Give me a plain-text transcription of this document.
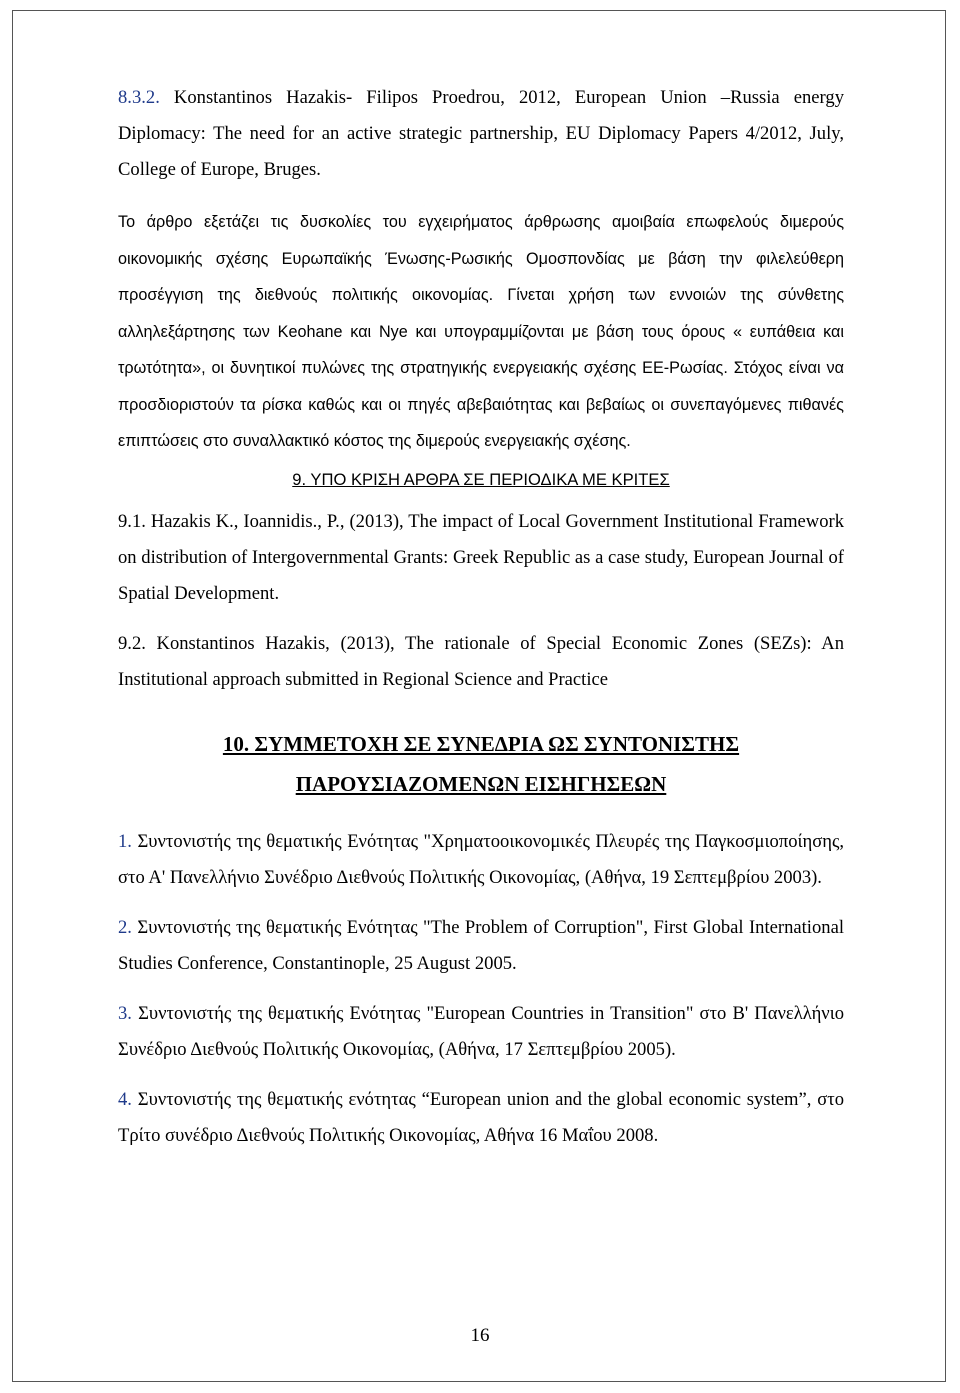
8.3.2. Konstantinos Hazakis- Filipos Proedrou, 2012, European Union –Russia energy Diplomacy: The need for an active strategic partnership, EU Diplomacy Papers 4/2012, July, College of Europe, Bruges.

Το άρθρο εξετάζει τις δυσκολίες του εγχειρήματος άρθρωσης αμοιβαία επωφελούς διμερούς οικονομικής σχέσης Ευρωπαϊκής Ένωσης-Ρωσικής Ομοσπονδίας με βάση την φιλελεύθερη προσέγγιση της διεθνούς πολιτικής οικονομίας. Γίνεται χρήση των εννοιών της σύνθετης αλληλεξάρτησης των Keohane και Nye και υπογραμμίζονται με βάση τους όρους « ευπάθεια και τρωτότητα», οι δυνητικοί πυλώνες της στρατηγικής ενεργειακής σχέσης ΕΕ-Ρωσίας. Στόχος είναι να προσδιοριστούν τα ρίσκα καθώς και οι πηγές αβεβαιότητας και βεβαίως οι συνεπαγόμενες πιθανές επιπτώσεις στο συναλλακτικό κόστος της διμερούς ενεργειακής σχέσης.

9. ΥΠΟ ΚΡΙΣΗ ΑΡΘΡΑ ΣΕ ΠΕΡΙΟΔΙΚΑ ΜΕ ΚΡΙΤΕΣ

9.1. Hazakis K., Ioannidis., P., (2013), The impact of Local Government Institutional Framework on distribution of Intergovernmental Grants: Greek Republic as a case study, European Journal of Spatial Development.

9.2. Konstantinos Hazakis, (2013), The rationale of Special Economic Zones (SEZs): An Institutional approach submitted in Regional Science and Practice

10. ΣΥΜΜΕΤΟΧΗ ΣΕ ΣΥΝΕΔΡΙΑ ΩΣ ΣΥΝΤΟΝΙΣΤΗΣ

ΠΑΡΟΥΣΙΑΖΟΜΕΝΩΝ ΕΙΣΗΓΗΣΕΩΝ

1. Συντονιστής της θεματικής Ενότητας "Χρηματοοικονομικές Πλευρές της Παγκοσμιοποίησης, στο Α' Πανελλήνιο Συνέδριο Διεθνούς Πολιτικής Οικονομίας, (Αθήνα, 19 Σεπτεμβρίου 2003).

2. Συντονιστής της θεματικής Ενότητας "The Problem of Corruption", First Global International Studies Conference, Constantinople, 25 August 2005.

3. Συντονιστής της θεματικής Ενότητας "European Countries in Transition" στο Β' Πανελλήνιο Συνέδριο Διεθνούς Πολιτικής Οικονομίας, (Αθήνα, 17 Σεπτεμβρίου 2005).

4. Συντονιστής της θεματικής ενότητας “European union and the global economic system”, στο Τρίτο συνέδριο Διεθνούς Πολιτικής Οικονομίας, Αθήνα 16 Μαΐου 2008.

16
